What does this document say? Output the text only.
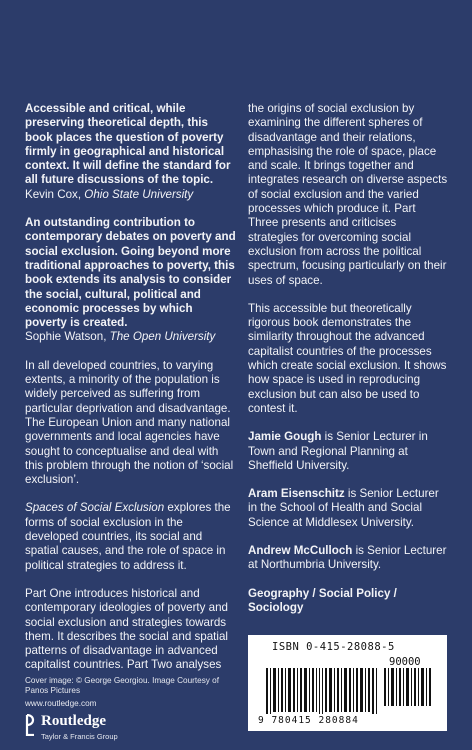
Accessible and critical, while preserving theoretical depth, this book places the question of poverty firmly in geographical and historical context. It will define the standard for all future discussions of the topic.
Kevin Cox, Ohio State University

An outstanding contribution to contemporary debates on poverty and social exclusion. Going beyond more traditional approaches to poverty, this book extends its analysis to consider the social, cultural, political and economic processes by which poverty is created.
Sophie Watson, The Open University

In all developed countries, to varying extents, a minority of the population is widely perceived as suffering from particular deprivation and disadvantage. The European Union and many national governments and local agencies have sought to conceptualise and deal with this problem through the notion of ‘social exclusion’.

Spaces of Social Exclusion explores the forms of social exclusion in the developed countries, its social and spatial causes, and the role of space in political strategies to address it.

Part One introduces historical and contemporary ideologies of poverty and social exclusion and strategies towards them. It describes the social and spatial patterns of disadvantage in advanced capitalist countries. Part Two analyses

the origins of social exclusion by examining the different spheres of disadvantage and their relations, emphasising the role of space, place and scale. It brings together and integrates research on diverse aspects of social exclusion and the varied processes which produce it. Part Three presents and criticises strategies for overcoming social exclusion from across the political spectrum, focusing particularly on their uses of space.

This accessible but theoretically rigorous book demonstrates the similarity throughout the advanced capitalist countries of the processes which create social exclusion. It shows how space is used in reproducing exclusion but can also be used to contest it.

Jamie Gough is Senior Lecturer in Town and Regional Planning at Sheffield University.

Aram Eisenschitz is Senior Lecturer in the School of Health and Social Science at Middlesex University.

Andrew McCulloch is Senior Lecturer at Northumbria University.

Geography / Social Policy / Sociology

Cover image: © George Georgiou. Image Courtesy of Panos Pictures
www.routledge.com
Routledge
Taylor & Francis Group
ISBN 0-415-28088-5
90000
9 780415 280884
